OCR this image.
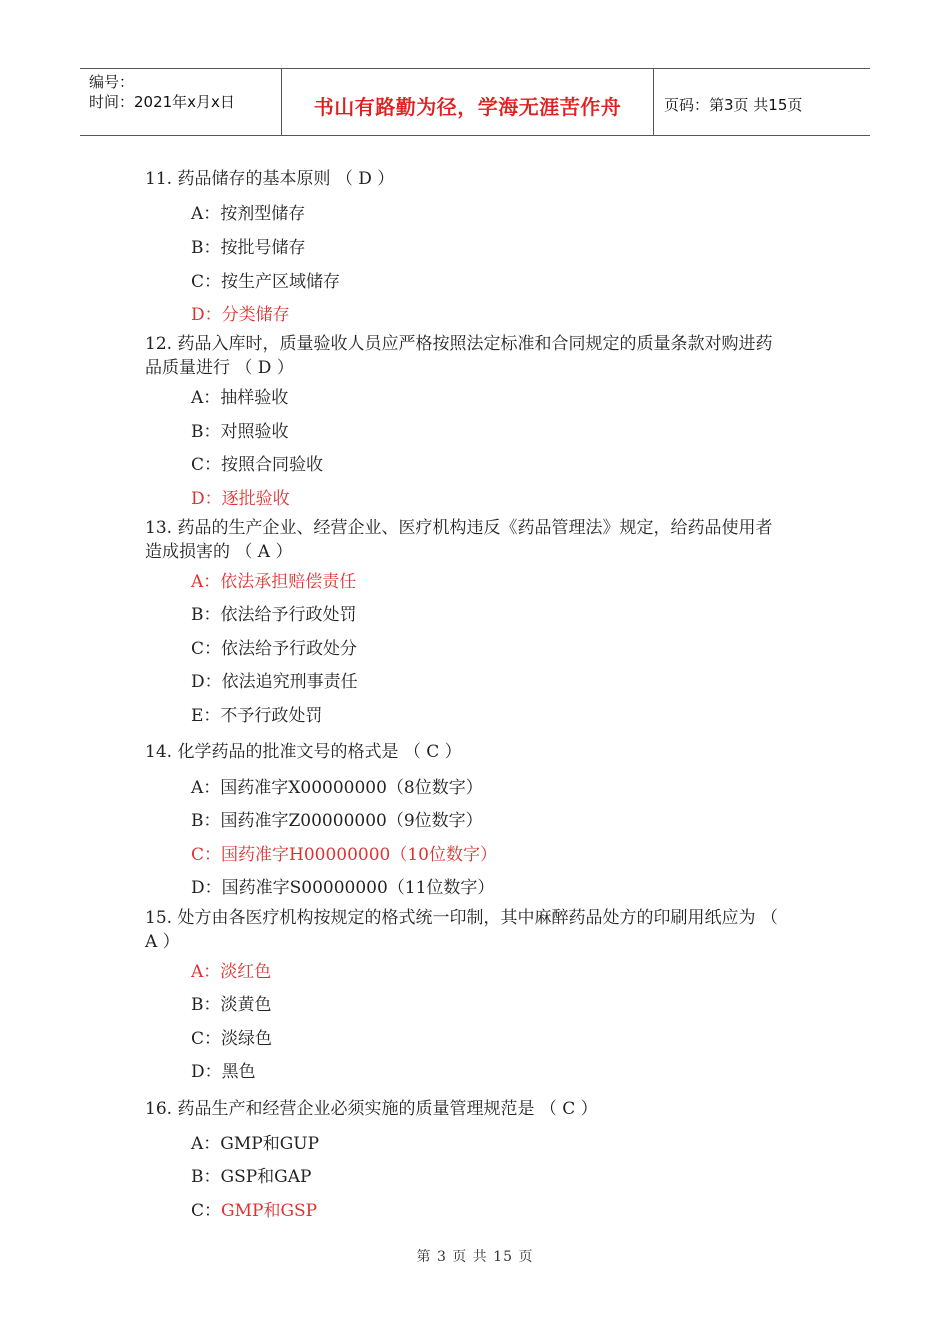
编号：
时间：2021年x月x日	书山有路勤为径，学海无涯苦作舟	页码：第3页 共15页
11. 药品储存的基本原则 （ D ）
A：按剂型储存
B：按批号储存
C：按生产区域储存
D：分类储存
12. 药品入库时，质量验收人员应严格按照法定标准和合同规定的质量条款对购进药
品质量进行 （ D ）
A：抽样验收
B：对照验收
C：按照合同验收
D：逐批验收
13. 药品的生产企业、经营企业、医疗机构违反《药品管理法》规定，给药品使用者
造成损害的 （ A ）
A：依法承担赔偿责任
B：依法给予行政处罚
C：依法给予行政处分
D：依法追究刑事责任
E：不予行政处罚
14. 化学药品的批准文号的格式是 （ C ）
A：国药准字X00000000（8位数字）
B：国药准字Z00000000（9位数字）
C：国药准字H00000000（10位数字）
D：国药准字S00000000（11位数字）
15. 处方由各医疗机构按规定的格式统一印制，其中麻醉药品处方的印刷用纸应为 （
A ）
A：淡红色
B：淡黄色
C：淡绿色
D：黑色
16. 药品生产和经营企业必须实施的质量管理规范是 （ C ）
A：GMP和GUP
B：GSP和GAP
C：GMP和GSP
第 3 页 共 15 页
